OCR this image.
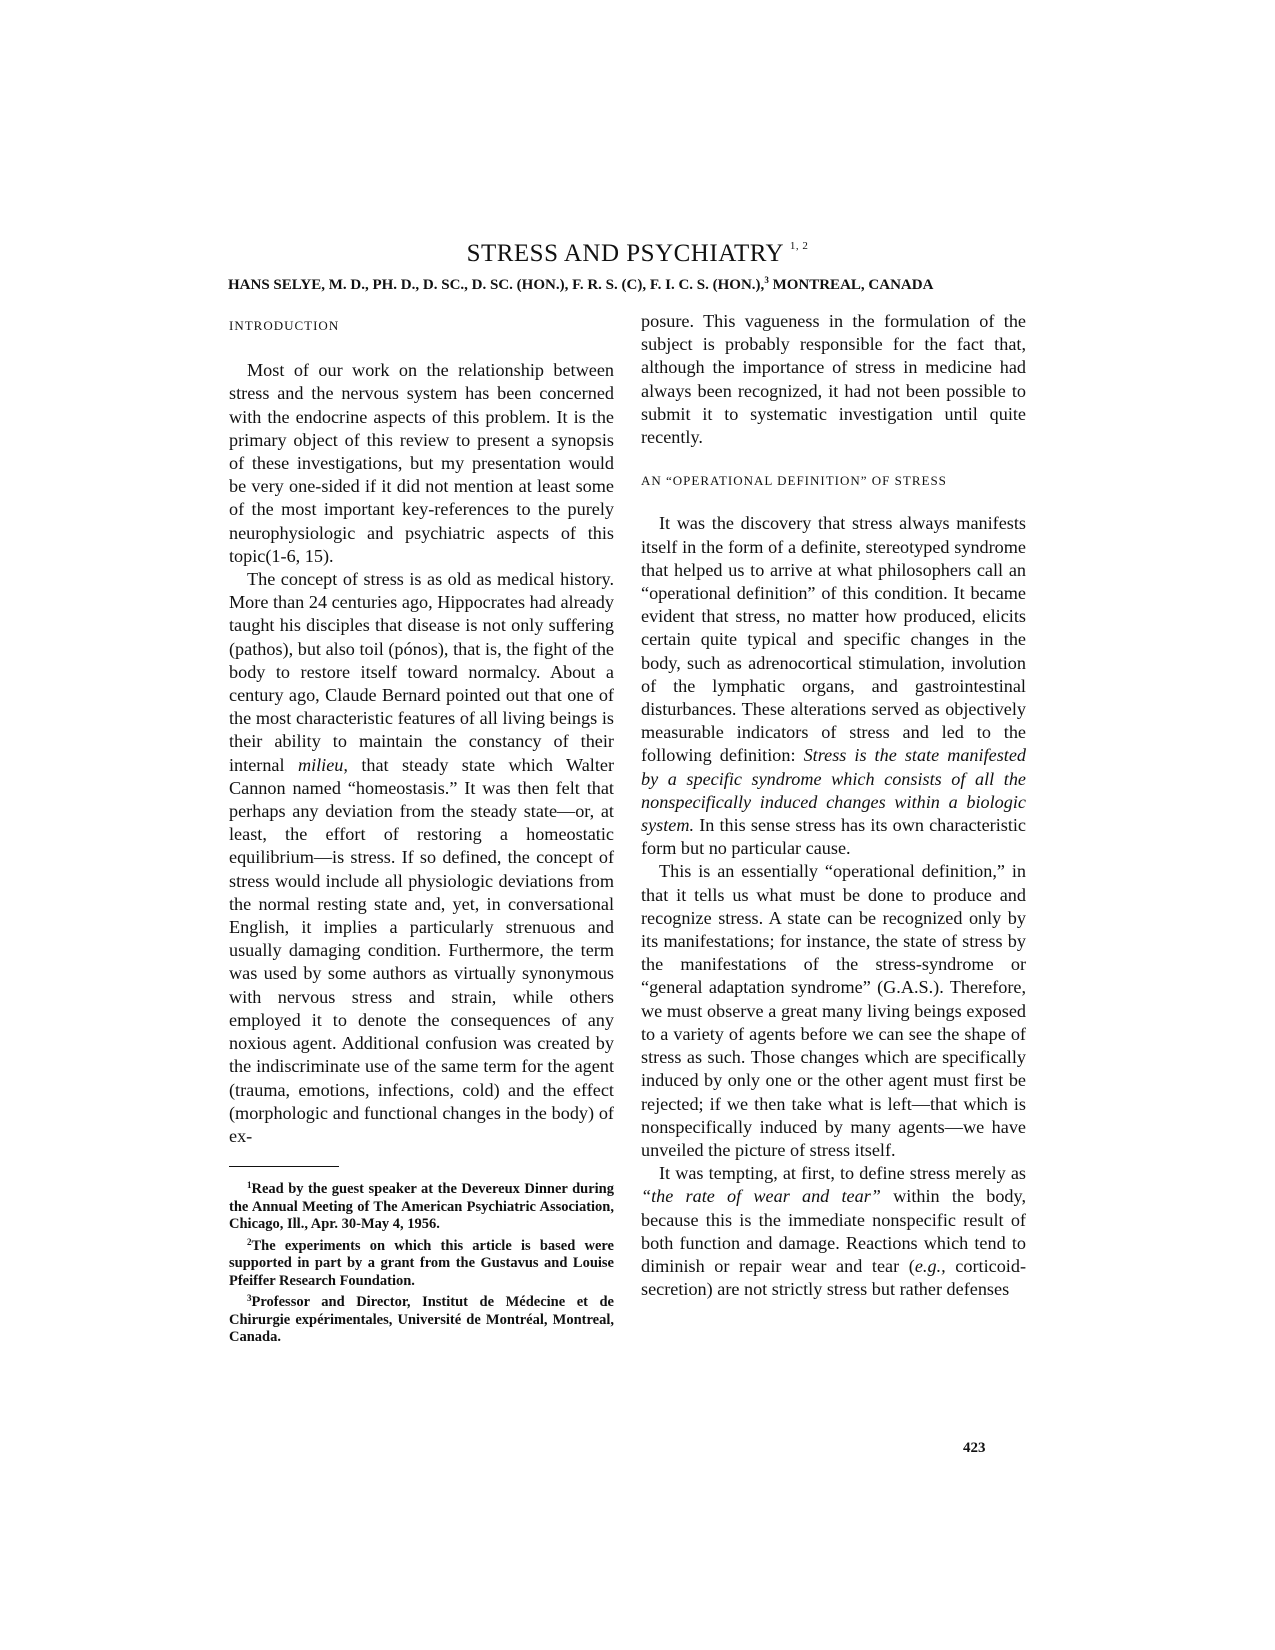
STRESS AND PSYCHIATRY $^{1, 2}$
HANS SELYE, M. D., PH. D., D. SC., D. SC. (HON.), F. R. S. (C), F. I. C. S. (HON.),$^3$ MONTREAL, CANADA
INTRODUCTION

Most of our work on the relationship between stress and the nervous system has been concerned with the endocrine aspects of this problem. It is the primary object of this review to present a synopsis of these investigations, but my presentation would be very one-sided if it did not mention at least some of the most important key-references to the purely neurophysiologic and psychiatric aspects of this topic(1-6, 15).

The concept of stress is as old as medical history. More than 24 centuries ago, Hippocrates had already taught his disciples that disease is not only suffering (pathos), but also toil (pónos), that is, the fight of the body to restore itself toward normalcy. About a century ago, Claude Bernard pointed out that one of the most characteristic features of all living beings is their ability to maintain the constancy of their internal milieu, that steady state which Walter Cannon named “homeostasis.” It was then felt that perhaps any deviation from the steady state—or, at least, the effort of restoring a homeostatic equilibrium—is stress. If so defined, the concept of stress would include all physiologic deviations from the normal resting state and, yet, in conversational English, it implies a particularly strenuous and usually damaging condition. Furthermore, the term was used by some authors as virtually synonymous with nervous stress and strain, while others employed it to denote the consequences of any noxious agent. Additional confusion was created by the indiscriminate use of the same term for the agent (trauma, emotions, infections, cold) and the effect (morphologic and functional changes in the body) of ex-

$^1$Read by the guest speaker at the Devereux Dinner during the Annual Meeting of The American Psychiatric Association, Chicago, Ill., Apr. 30-May 4, 1956.

$^2$The experiments on which this article is based were supported in part by a grant from the Gustavus and Louise Pfeiffer Research Foundation.

$^3$Professor and Director, Institut de Médecine et de Chirurgie expérimentales, Université de Montréal, Montreal, Canada.

posure. This vagueness in the formulation of the subject is probably responsible for the fact that, although the importance of stress in medicine had always been recognized, it had not been possible to submit it to systematic investigation until quite recently.

AN “OPERATIONAL DEFINITION” OF STRESS

It was the discovery that stress always manifests itself in the form of a definite, stereotyped syndrome that helped us to arrive at what philosophers call an “operational definition” of this condition. It became evident that stress, no matter how produced, elicits certain quite typical and specific changes in the body, such as adrenocortical stimulation, involution of the lymphatic organs, and gastrointestinal disturbances. These alterations served as objectively measurable indicators of stress and led to the following definition: Stress is the state manifested by a specific syndrome which consists of all the nonspecifically induced changes within a biologic system. In this sense stress has its own characteristic form but no particular cause.

This is an essentially “operational definition,” in that it tells us what must be done to produce and recognize stress. A state can be recognized only by its manifestations; for instance, the state of stress by the manifestations of the stress-syndrome or “general adaptation syndrome” (G.A.S.). Therefore, we must observe a great many living beings exposed to a variety of agents before we can see the shape of stress as such. Those changes which are specifically induced by only one or the other agent must first be rejected; if we then take what is left—that which is nonspecifically induced by many agents—we have unveiled the picture of stress itself.

It was tempting, at first, to define stress merely as “the rate of wear and tear” within the body, because this is the immediate nonspecific result of both function and damage. Reactions which tend to diminish or repair wear and tear (e.g., corticoid-secretion) are not strictly stress but rather defenses

423
